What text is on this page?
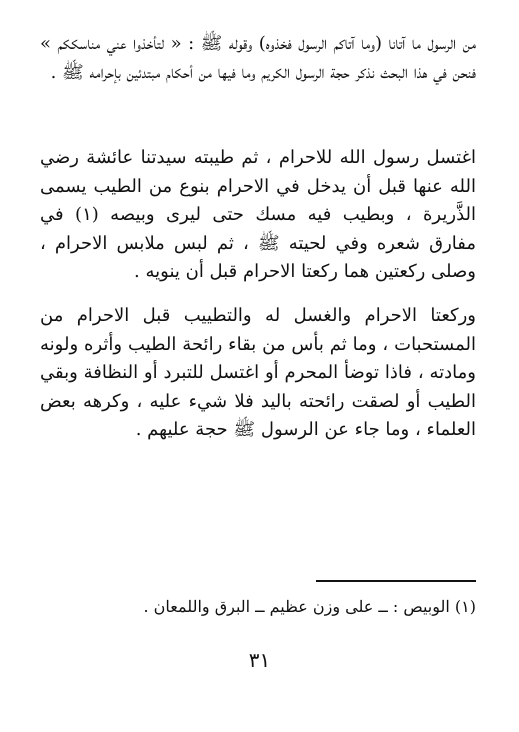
من الرسول ما آتانا (وما آتاكم الرسول فخذوه) وقوله ﷺ : « لتأخذوا عني مناسككم » فنحن في هذا البحث نذكر حجة الرسول الكريم وما فيها من أحكام مبتدئين بإحرامه ﷺ .

اغتسل رسول الله للاحرام ، ثم طيبته سيدتنا عائشة رضي الله عنها قبل أن يدخل في الاحرام بنوع من الطيب يسمى الذَّريرة ، وبطيب فيه مسك حتى ليرى وبيصه (١) في مفارق شعره وفي لحيته ﷺ ، ثم لبس ملابس الاحرام ، وصلى ركعتين هما ركعتا الاحرام قبل أن ينويه .

وركعتا الاحرام والغسل له والتطييب قبل الاحرام من المستحبات ، وما ثم بأس من بقاء رائحة الطيب وأثره ولونه ومادته ، فاذا توضأ المحرم أو اغتسل للتبرد أو النظافة وبقي الطيب أو لصقت رائحته باليد فلا شيء عليه ، وكرهه بعض العلماء ، وما جاء عن الرسول ﷺ حجة عليهم .

(١) الوبيص : ــ على وزن عظيم ــ البرق واللمعان .

٣١
